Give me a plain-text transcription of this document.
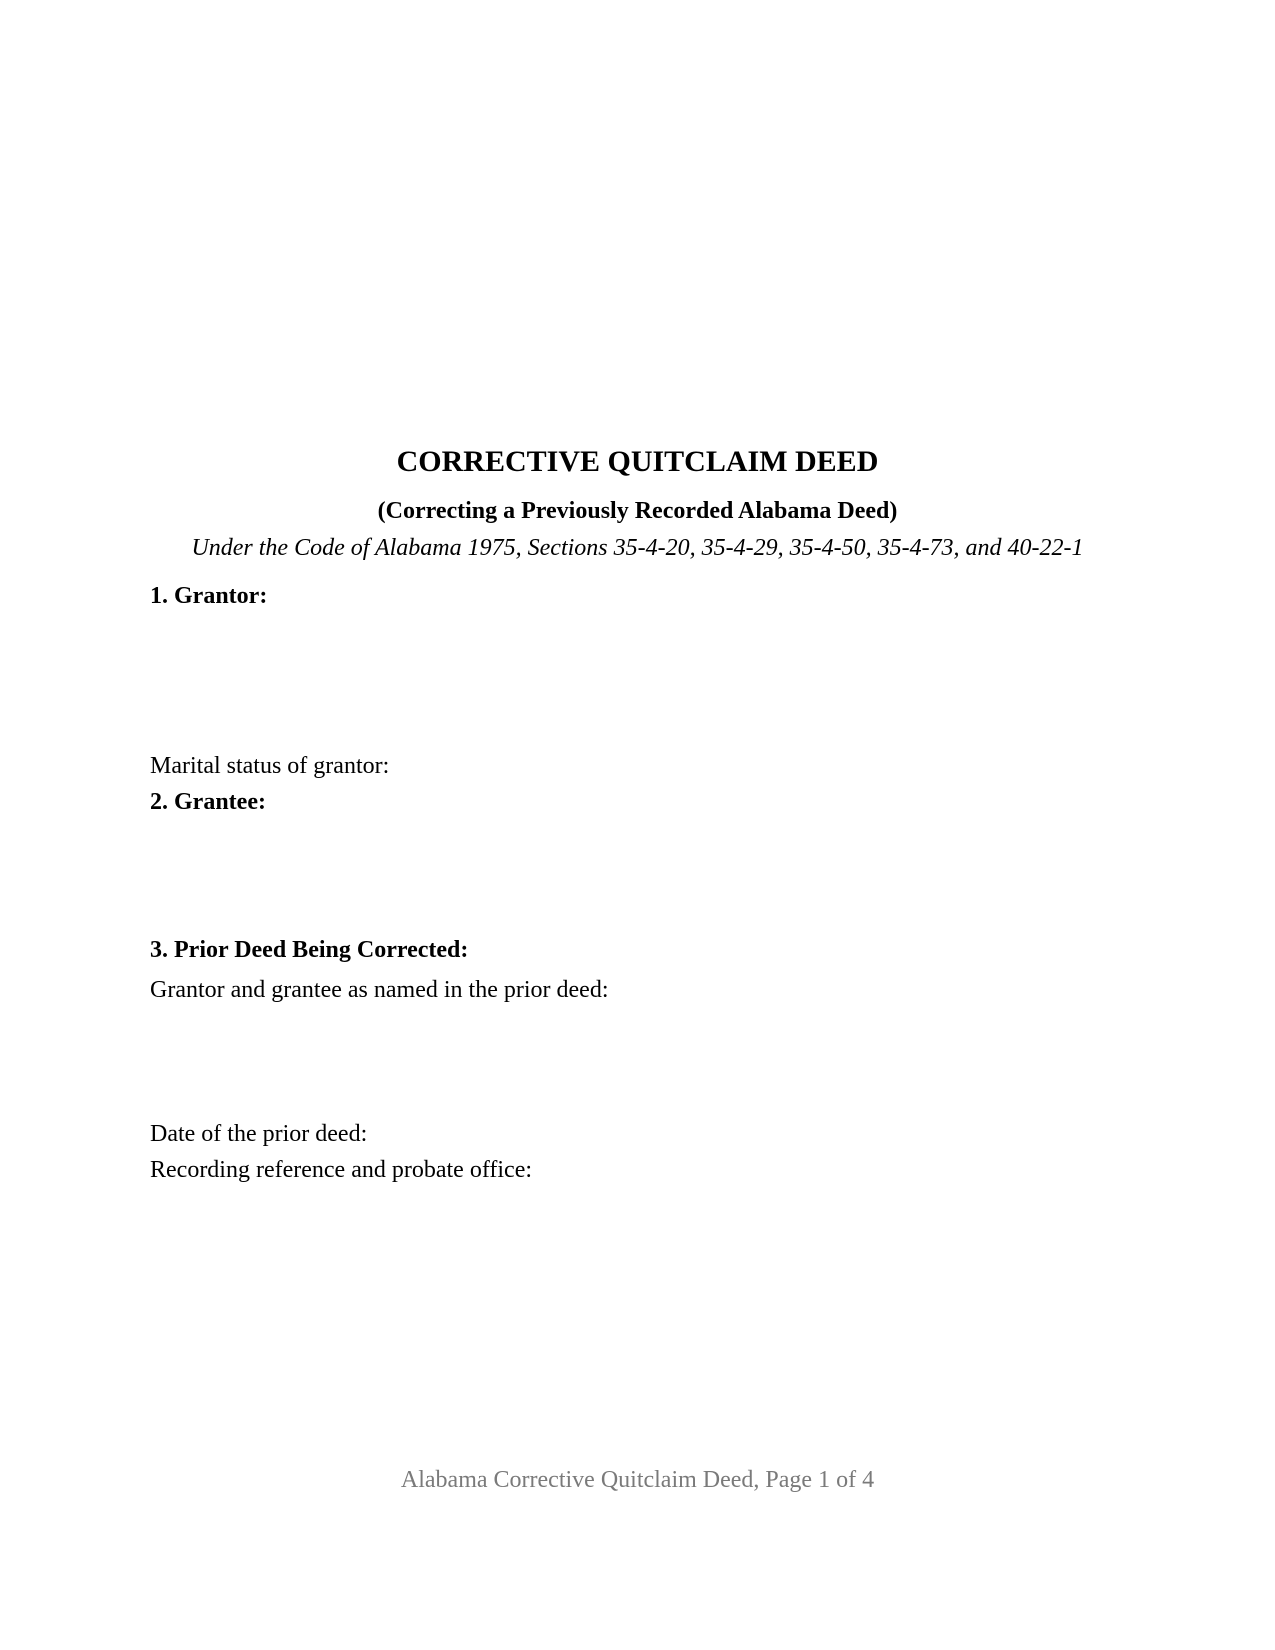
CORRECTIVE QUITCLAIM DEED
(Correcting a Previously Recorded Alabama Deed)
Under the Code of Alabama 1975, Sections 35-4-20, 35-4-29, 35-4-50, 35-4-73, and 40-22-1
1. Grantor:
Marital status of grantor:
2. Grantee:
3. Prior Deed Being Corrected:
Grantor and grantee as named in the prior deed:
Date of the prior deed:
Recording reference and probate office:
Alabama Corrective Quitclaim Deed, Page 1 of 4
